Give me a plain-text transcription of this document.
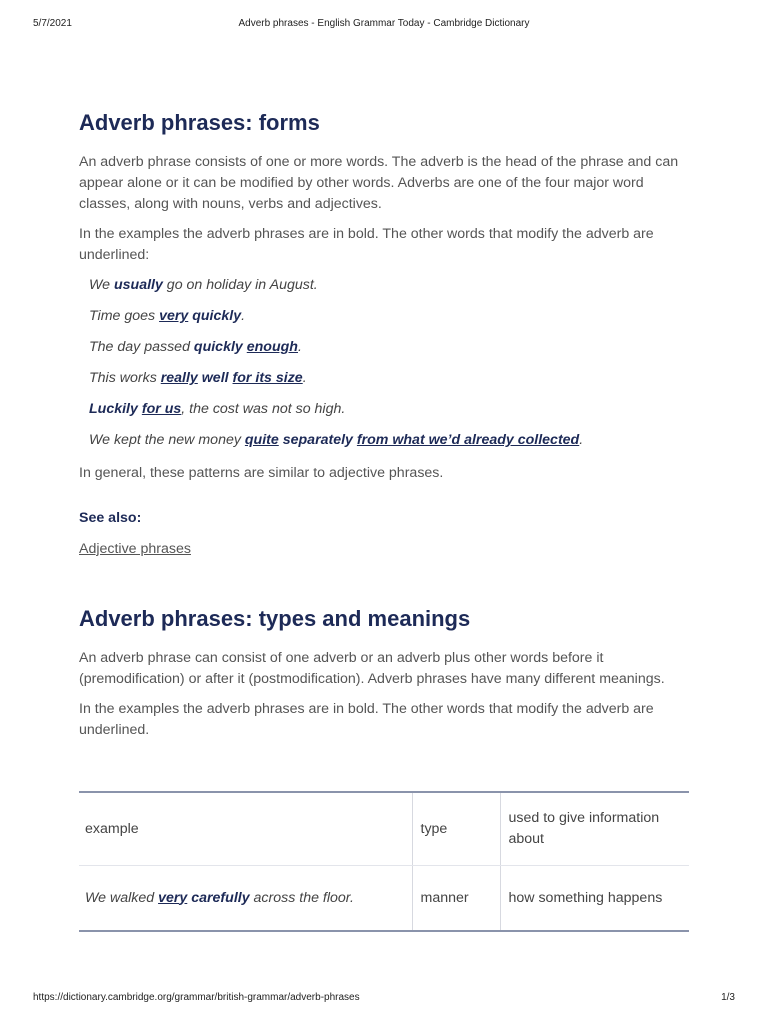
5/7/2021	Adverb phrases - English Grammar Today - Cambridge Dictionary
Adverb phrases: forms

An adverb phrase consists of one or more words. The adverb is the head of the phrase and can appear alone or it can be modified by other words. Adverbs are one of the four major word classes, along with nouns, verbs and adjectives.

In the examples the adverb phrases are in bold. The other words that modify the adverb are underlined:

We usually go on holiday in August.
Time goes very quickly.
The day passed quickly enough.
This works really well for its size.
Luckily for us, the cost was not so high.
We kept the new money quite separately from what we’d already collected.

In general, these patterns are similar to adjective phrases.

See also:
Adjective phrases
Adverb phrases: types and meanings

An adverb phrase can consist of one adverb or an adverb plus other words before it (premodification) or after it (postmodification). Adverb phrases have many different meanings.

In the examples the adverb phrases are in bold. The other words that modify the adverb are underlined.

example	type	used to give information about
We walked very carefully across the floor.	manner	how something happens
https://dictionary.cambridge.org/grammar/british-grammar/adverb-phrases	1/3
